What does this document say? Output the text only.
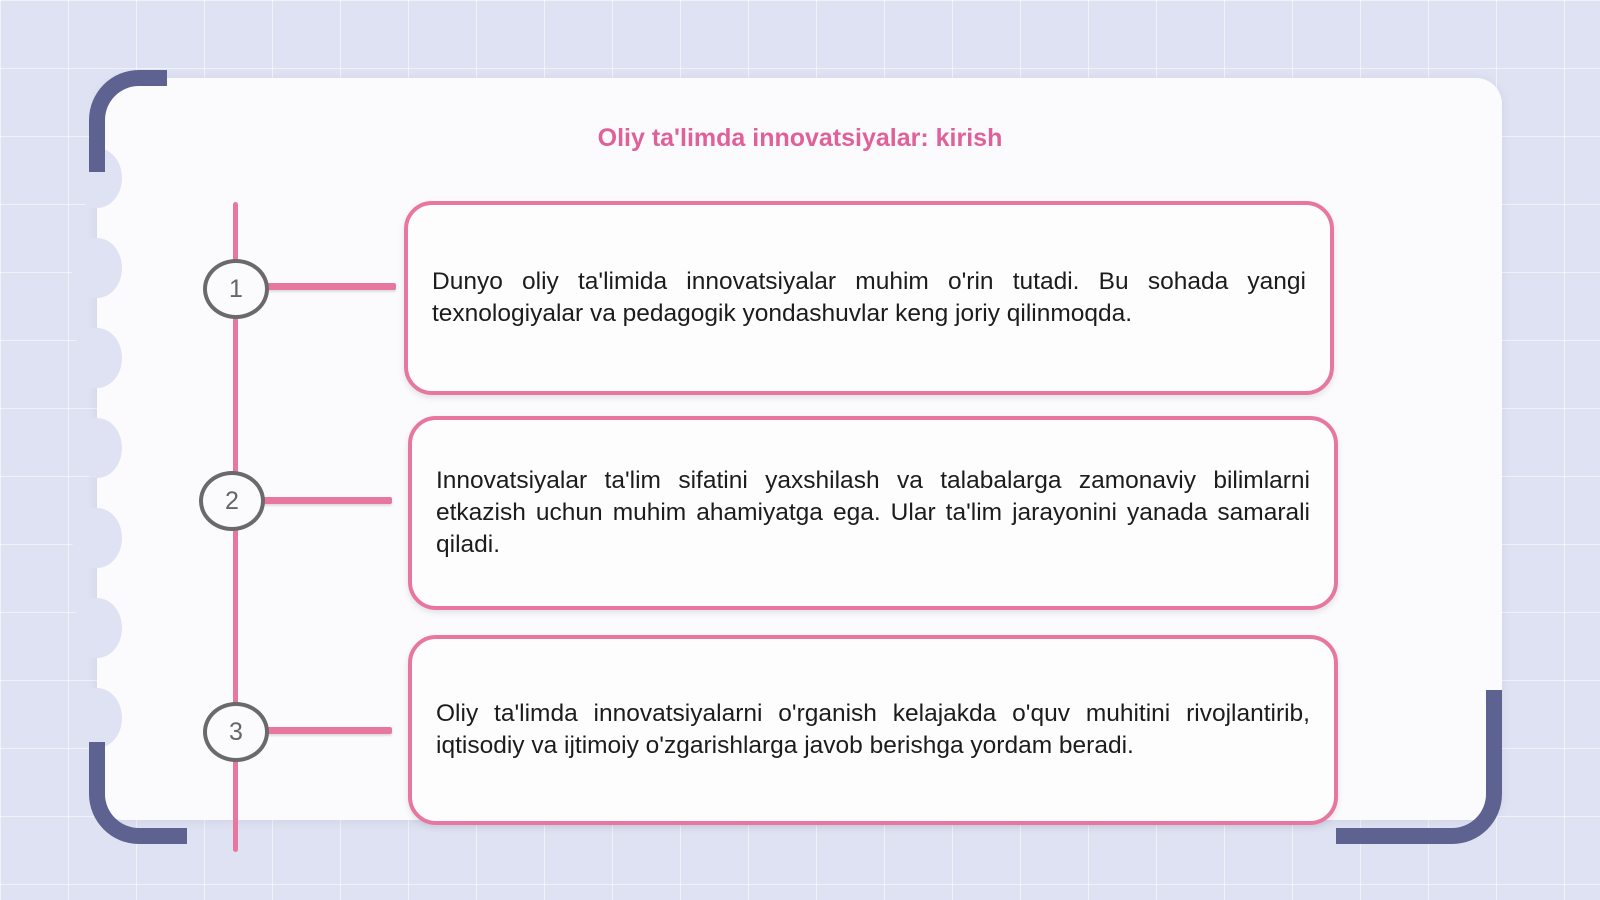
Oliy ta'limda innovatsiyalar: kirish
1	Dunyo oliy ta'limida innovatsiyalar muhim o'rin tutadi. Bu sohada yangi texnologiyalar va pedagogik yondashuvlar keng joriy qilinmoqda.
2
Innovatsiyalar ta'lim sifatini yaxshilash va talabalarga zamonaviy bilimlarni etkazish uchun muhim ahamiyatga ega. Ular ta'lim jarayonini yanada samarali qiladi.
3
Oliy ta'limda innovatsiyalarni o'rganish kelajakda o'quv muhitini rivojlantirib, iqtisodiy va ijtimoiy o'zgarishlarga javob berishga yordam beradi.
